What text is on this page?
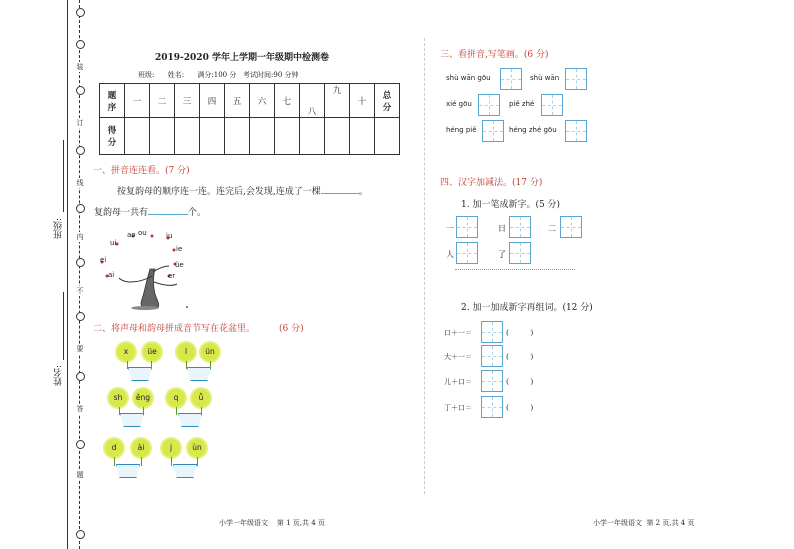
装
订
线
内
不
要
答
题
班级:
姓名:
2019-2020 学年上学期一年级期中检测卷
班级:      姓名:      满分:100 分   考试时间:90 分钟
题序	一	二	三	四	五	六	七	八	九	十	总分
得分											
一、拼音连连看。(7 分)
按复韵母的顺序连一连。连完后,会发现,连成了一棵	。
复韵母一共有	个。
ou
ao	iu
ui
ie
ei
üe
ai	er
二、将声母和韵母拼成音节写在花盆里。	(6 分)
x	üe	l	ün
sh	ěng	q	ǚ
d	ài	j	ùn
小学一年级语文    第 1 页,共 4 页
三、看拼音,写笔画。(6 分)
shù wān gōu	shù wān
xié gōu	piě zhé
héng piě	héng zhé gōu
四、汉字加减法。(17 分)
1. 加一笔成新字。(5 分)
一	日	二
人	了
2. 加一加成新字再组词。(12 分)
口＋一＝	(         )
大＋一＝	(         )
儿＋口＝	(         )
丁＋口＝	(         )
小学一年级语文  第 2 页,共 4 页
